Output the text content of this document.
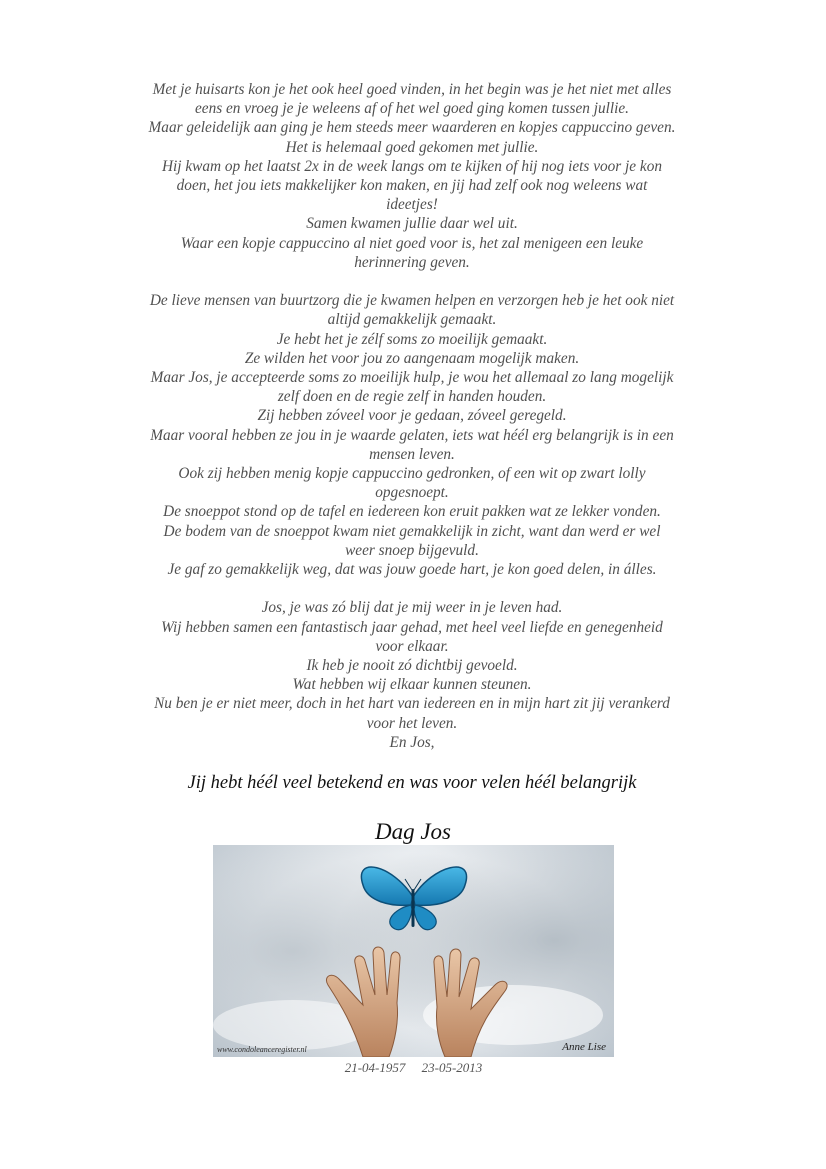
Met je huisarts kon je het ook heel goed vinden, in het begin was je het niet met alles

eens en vroeg je je weleens af of het wel goed ging komen tussen jullie.

Maar geleidelijk aan ging je hem steeds meer waarderen en kopjes cappuccino geven.

Het is helemaal goed gekomen met jullie.

Hij kwam op het laatst 2x in de week langs om te kijken of hij nog iets voor je kon

doen, het jou iets makkelijker kon maken, en jij had zelf ook nog weleens wat

ideetjes!

Samen kwamen jullie daar wel uit.

Waar een kopje cappuccino al niet goed voor is, het zal menigeen een leuke

herinnering geven.

De lieve mensen van buurtzorg die je kwamen helpen en verzorgen heb je het ook niet

altijd gemakkelijk gemaakt.

Je hebt het je zélf soms zo moeilijk gemaakt.

Ze wilden het voor jou zo aangenaam mogelijk maken.

Maar Jos, je accepteerde soms zo moeilijk hulp, je wou het allemaal zo lang mogelijk

zelf doen en de regie zelf in handen houden.

Zij hebben zóveel voor je gedaan, zóveel geregeld.

Maar vooral hebben ze jou in je waarde gelaten, iets wat héél erg belangrijk is in een

mensen leven.

Ook zij hebben menig kopje cappuccino gedronken, of een wit op zwart lolly

opgesnoept.

De snoeppot stond op de tafel en iedereen kon eruit pakken wat ze lekker vonden.

De bodem van de snoeppot kwam niet gemakkelijk in zicht, want dan werd er wel

weer snoep bijgevuld.

Je gaf zo gemakkelijk weg, dat was jouw goede hart, je kon goed delen, in álles.

Jos, je was zó blij dat je mij weer in je leven had.

Wij hebben samen een fantastisch jaar gehad, met heel veel liefde en genegenheid

voor elkaar.

Ik heb je nooit zó dichtbij gevoeld.

Wat hebben wij elkaar kunnen steunen.

Nu ben je er niet meer, doch in het hart van iedereen en in mijn hart zit jij verankerd

voor het leven.

En Jos,

Jij hebt héél veel betekend en was voor velen héél belangrijk
Dag Jos
www.condoleanceregister.nl	Anne Lise
21-04-1957 23-05-2013
